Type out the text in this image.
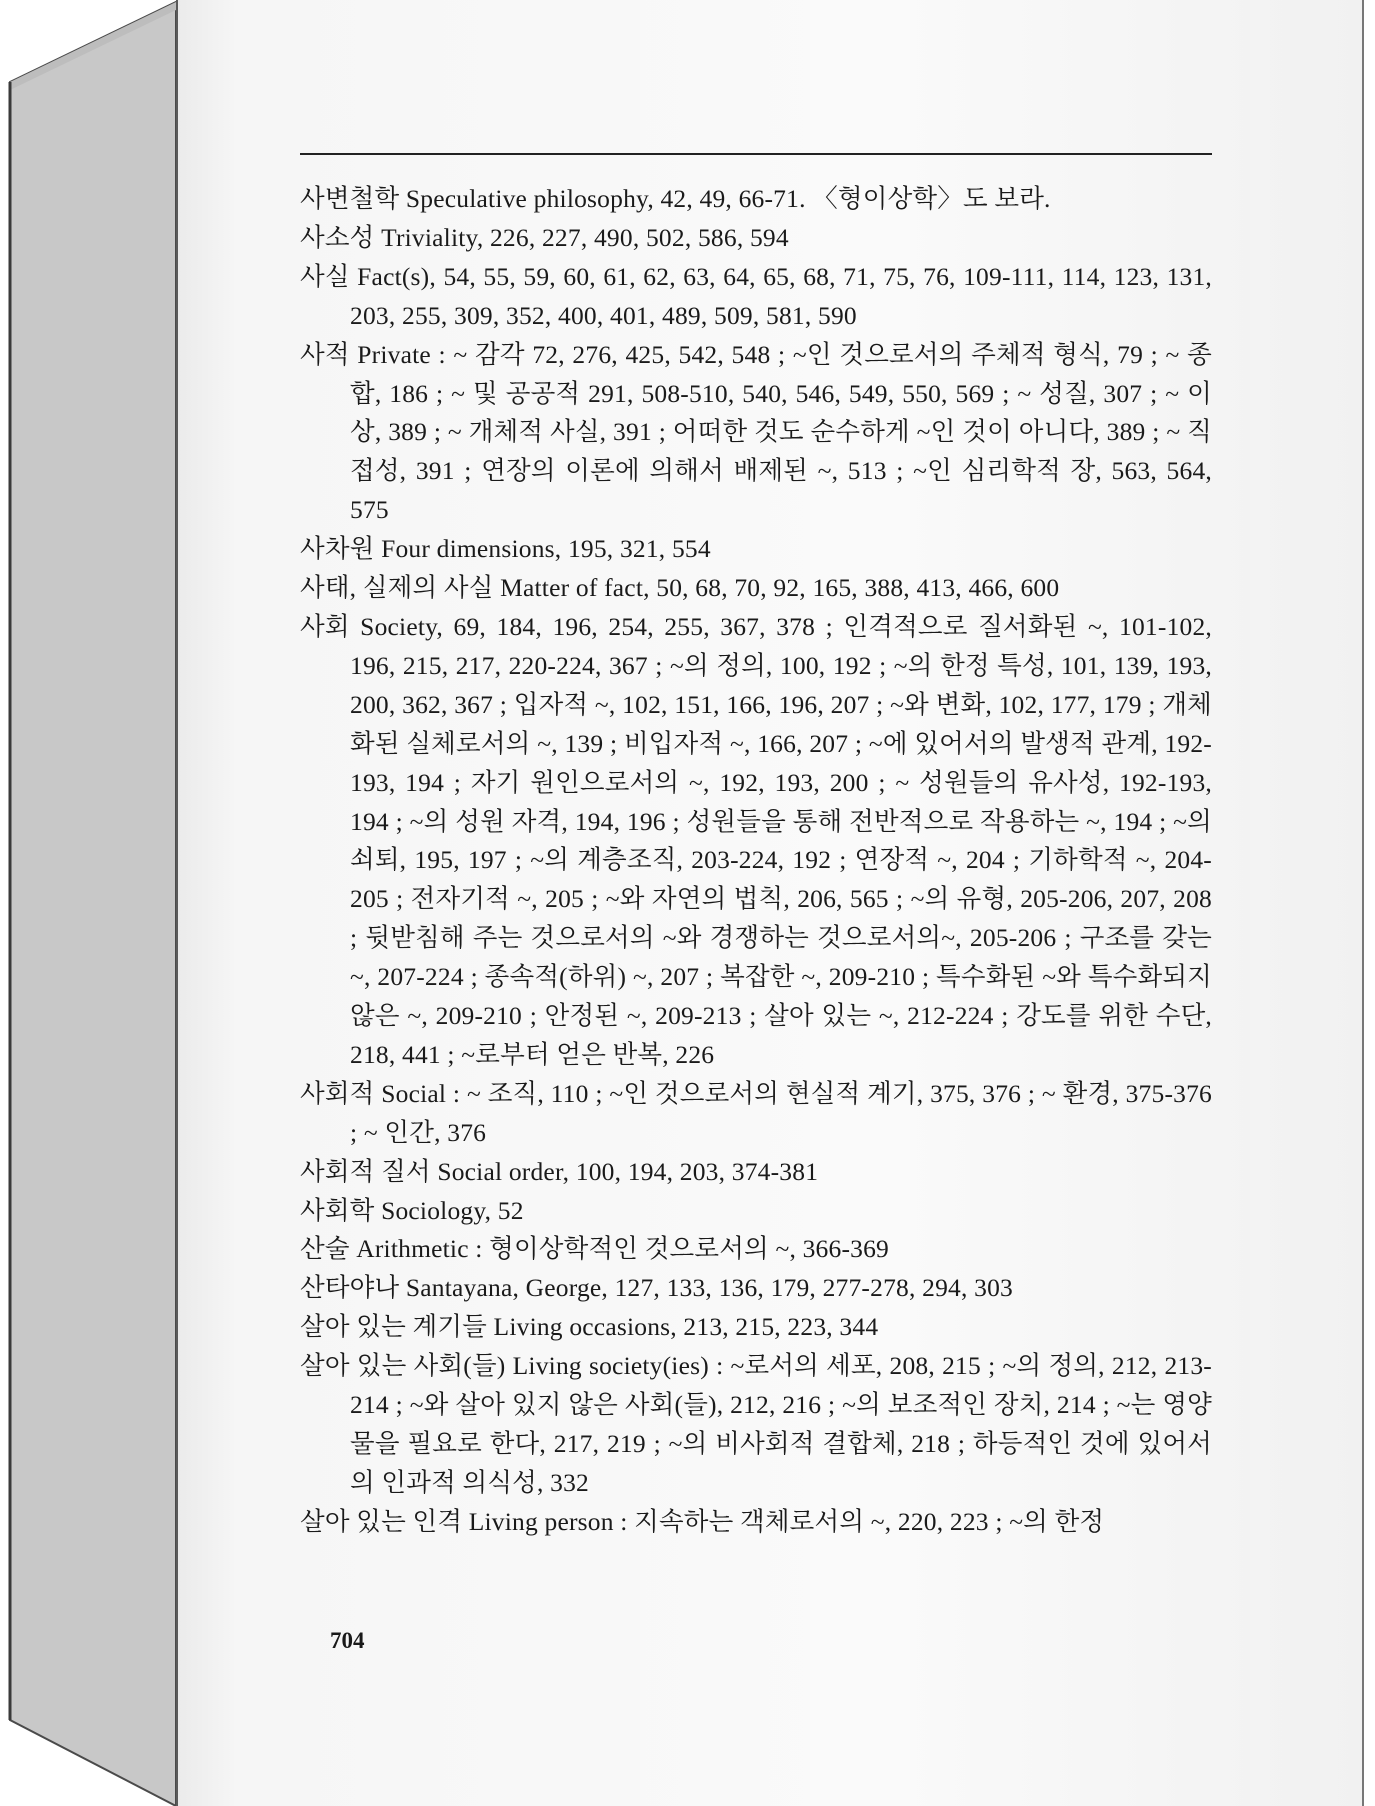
사변철학 Speculative philosophy, 42, 49, 66-71. 〈형이상학〉도 보라.
사소성 Triviality, 226, 227, 490, 502, 586, 594
사실 Fact(s), 54, 55, 59, 60, 61, 62, 63, 64, 65, 68, 71, 75, 76, 109-111, 114, 123, 131, 203, 255, 309, 352, 400, 401, 489, 509, 581, 590
사적 Private : ~ 감각 72, 276, 425, 542, 548 ; ~인 것으로서의 주체적 형식, 79 ; ~ 종합, 186 ; ~ 및 공공적 291, 508-510, 540, 546, 549, 550, 569 ; ~ 성질, 307 ; ~ 이상, 389 ; ~ 개체적 사실, 391 ; 어떠한 것도 순수하게 ~인 것이 아니다, 389 ; ~ 직접성, 391 ; 연장의 이론에 의해서 배제된 ~, 513 ; ~인 심리학적 장, 563, 564, 575
사차원 Four dimensions, 195, 321, 554
사태, 실제의 사실 Matter of fact, 50, 68, 70, 92, 165, 388, 413, 466, 600
사회 Society, 69, 184, 196, 254, 255, 367, 378 ; 인격적으로 질서화된 ~, 101-102, 196, 215, 217, 220-224, 367 ; ~의 정의, 100, 192 ; ~의 한정 특성, 101, 139, 193, 200, 362, 367 ; 입자적 ~, 102, 151, 166, 196, 207 ; ~와 변화, 102, 177, 179 ; 개체화된 실체로서의 ~, 139 ; 비입자적 ~, 166, 207 ; ~에 있어서의 발생적 관계, 192-193, 194 ; 자기 원인으로서의 ~, 192, 193, 200 ; ~ 성원들의 유사성, 192-193, 194 ; ~의 성원 자격, 194, 196 ; 성원들을 통해 전반적으로 작용하는 ~, 194 ; ~의 쇠퇴, 195, 197 ; ~의 계층조직, 203-224, 192 ; 연장적 ~, 204 ; 기하학적 ~, 204-205 ; 전자기적 ~, 205 ; ~와 자연의 법칙, 206, 565 ; ~의 유형, 205-206, 207, 208 ; 뒷받침해 주는 것으로서의 ~와 경쟁하는 것으로서의~, 205-206 ; 구조를 갖는 ~, 207-224 ; 종속적(하위) ~, 207 ; 복잡한 ~, 209-210 ; 특수화된 ~와 특수화되지 않은 ~, 209-210 ; 안정된 ~, 209-213 ; 살아 있는 ~, 212-224 ; 강도를 위한 수단, 218, 441 ; ~로부터 얻은 반복, 226
사회적 Social : ~ 조직, 110 ; ~인 것으로서의 현실적 계기, 375, 376 ; ~ 환경, 375-376 ; ~ 인간, 376
사회적 질서 Social order, 100, 194, 203, 374-381
사회학 Sociology, 52
산술 Arithmetic : 형이상학적인 것으로서의 ~, 366-369
산타야나 Santayana, George, 127, 133, 136, 179, 277-278, 294, 303
살아 있는 계기들 Living occasions, 213, 215, 223, 344
살아 있는 사회(들) Living society(ies) : ~로서의 세포, 208, 215 ; ~의 정의, 212, 213-214 ; ~와 살아 있지 않은 사회(들), 212, 216 ; ~의 보조적인 장치, 214 ; ~는 영양물을 필요로 한다, 217, 219 ; ~의 비사회적 결합체, 218 ; 하등적인 것에 있어서의 인과적 의식성, 332
살아 있는 인격 Living person : 지속하는 객체로서의 ~, 220, 223 ; ~의 한정
704
